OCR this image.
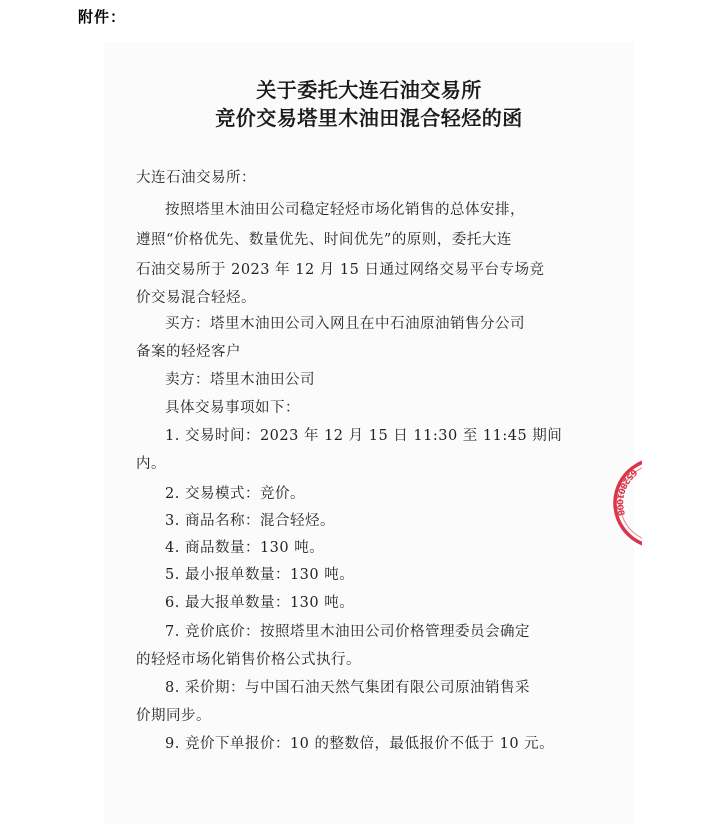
附件：
关于委托大连石油交易所
竞价交易塔里木油田混合轻烃的函
大连石油交易所：
按照塔里木油田公司稳定轻烃市场化销售的总体安排，
遵照“价格优先、数量优先、时间优先”的原则，委托大连
石油交易所于 2023 年 12 月 15 日通过网络交易平台专场竞
价交易混合轻烃。
买方：塔里木油田公司入网且在中石油原油销售分公司
备案的轻烃客户
卖方：塔里木油田公司
具体交易事项如下：
1. 交易时间：2023 年 12 月 15 日 11:30 至 11:45 期间
内。
2. 交易模式：竞价。
3. 商品名称：混合轻烃。
4. 商品数量：130 吨。
5. 最小报单数量：130 吨。
6. 最大报单数量：130 吨。
7. 竞价底价：按照塔里木油田公司价格管理委员会确定
的轻烃市场化销售价格公式执行。
8. 采价期：与中国石油天然气集团有限公司原油销售采
价期同步。
9. 竞价下单报价：10 的整数倍，最低报价不低于 10 元。
652801008
